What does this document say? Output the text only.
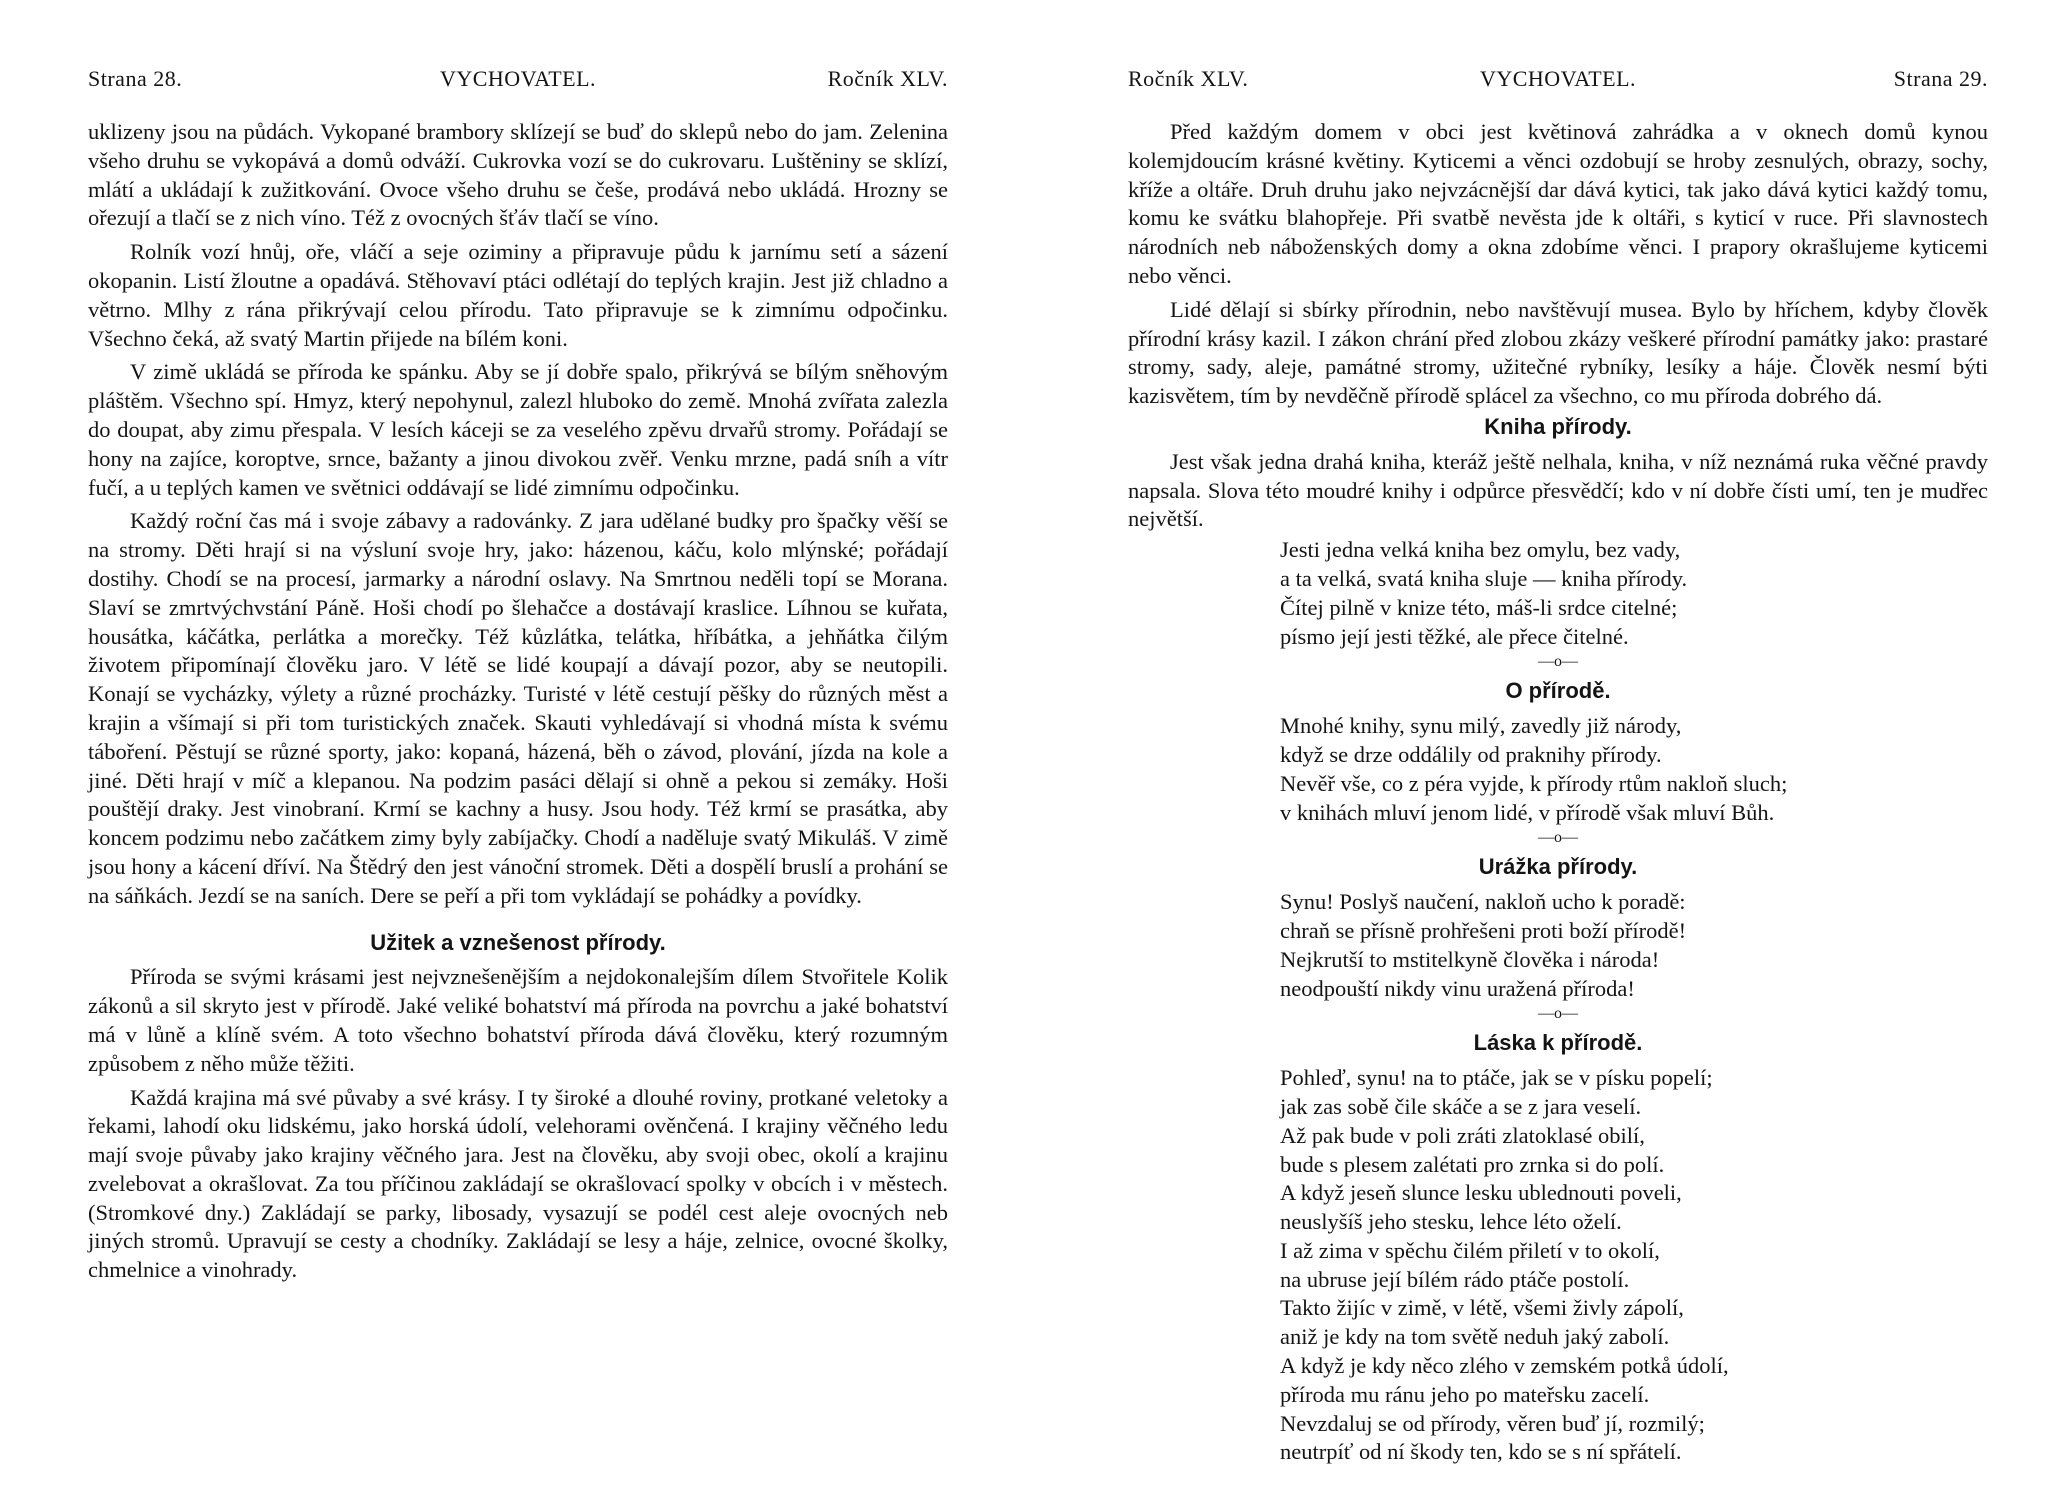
Strana 28.	VYCHOVATEL.	Ročník XLV.

uklizeny jsou na půdách. Vykopané brambory sklízejí se buď do sklepů nebo do jam. Zelenina všeho druhu se vykopává a domů odváží. Cukrovka vozí se do cukrovaru. Luštěniny se sklízí, mlátí a ukládají k zužitkování. Ovoce všeho druhu se češe, prodává nebo ukládá. Hrozny se ořezují a tlačí se z nich víno. Též z ovocných šťáv tlačí se víno.

Rolník vozí hnůj, oře, vláčí a seje oziminy a připravuje půdu k jarnímu setí a sázení okopanin. Listí žloutne a opadává. Stěhovaví ptáci odlétají do teplých krajin. Jest již chladno a větrno. Mlhy z rána přikrývají celou přírodu. Tato připravuje se k zimnímu odpočinku. Všechno čeká, až svatý Martin přijede na bílém koni.

V zimě ukládá se příroda ke spánku. Aby se jí dobře spalo, přikrývá se bílým sněhovým pláštěm. Všechno spí. Hmyz, který nepohynul, zalezl hluboko do země. Mnohá zvířata zalezla do doupat, aby zimu přespala. V lesích káceji se za veselého zpěvu drvařů stromy. Pořádají se hony na zajíce, koroptve, srnce, bažanty a jinou divokou zvěř. Venku mrzne, padá sníh a vítr fučí, a u teplých kamen ve světnici oddávají se lidé zimnímu odpočinku.

Každý roční čas má i svoje zábavy a radovánky. Z jara udělané budky pro špačky věší se na stromy. Děti hrají si na výsluní svoje hry, jako: házenou, káču, kolo mlýnské; pořádají dostihy. Chodí se na procesí, jarmarky a národní oslavy. Na Smrtnou neděli topí se Morana. Slaví se zmrtvýchvstání Páně. Hoši chodí po šlehačce a dostávají kraslice. Líhnou se kuřata, housátka, káčátka, perlátka a morečky. Též kůzlátka, telátka, hříbátka, a jehňátka čilým životem připomínají člověku jaro. V létě se lidé koupají a dávají pozor, aby se neutopili. Konají se vycházky, výlety a různé procházky. Turisté v létě cestují pěšky do různých měst a krajin a všímají si při tom turistických značek. Skauti vyhledávají si vhodná místa k svému táboření. Pěstují se různé sporty, jako: kopaná, házená, běh o závod, plování, jízda na kole a jiné. Děti hrají v míč a klepanou. Na podzim pasáci dělají si ohně a pekou si zemáky. Hoši pouštějí draky. Jest vinobraní. Krmí se kachny a husy. Jsou hody. Též krmí se prasátka, aby koncem podzimu nebo začátkem zimy byly zabíjačky. Chodí a naděluje svatý Mikuláš. V zimě jsou hony a kácení dříví. Na Štědrý den jest vánoční stromek. Děti a dospělí bruslí a prohání se na sáňkách. Jezdí se na saních. Dere se peří a při tom vykládají se pohádky a povídky.

Užitek a vznešenost přírody.

Příroda se svými krásami jest nejvznešenějším a nejdokonalejším dílem Stvořitele Kolik zákonů a sil skryto jest v přírodě. Jaké veliké bohatství má příroda na povrchu a jaké bohatství má v lůně a klíně svém. A toto všechno bohatství příroda dává člověku, který rozumným způsobem z něho může těžiti.

Každá krajina má své půvaby a své krásy. I ty široké a dlouhé roviny, protkané veletoky a řekami, lahodí oku lidskému, jako horská údolí, velehorami ověnčená. I krajiny věčného ledu mají svoje půvaby jako krajiny věčného jara. Jest na člověku, aby svoji obec, okolí a krajinu zvelebovat a okrašlovat. Za tou příčinou zakládají se okrašlovací spolky v obcích i v městech. (Stromkové dny.) Zakládají se parky, libosady, vysazují se podél cest aleje ovocných neb jiných stromů. Upravují se cesty a chodníky. Zakládají se lesy a háje, zelnice, ovocné školky, chmelnice a vinohrady.

Ročník XLV.	VYCHOVATEL.	Strana 29.

Před každým domem v obci jest květinová zahrádka a v oknech domů kynou kolemjdoucím krásné květiny. Kyticemi a věnci ozdobují se hroby zesnulých, obrazy, sochy, kříže a oltáře. Druh druhu jako nejvzácnější dar dává kytici, tak jako dává kytici každý tomu, komu ke svátku blahopřeje. Při svatbě nevěsta jde k oltáři, s kyticí v ruce. Při slavnostech národních neb náboženských domy a okna zdobíme věnci. I prapory okrašlujeme kyticemi nebo věnci.

Lidé dělají si sbírky přírodnin, nebo navštěvují musea. Bylo by hříchem, kdyby člověk přírodní krásy kazil. I zákon chrání před zlobou zkázy veškeré přírodní památky jako: prastaré stromy, sady, aleje, památné stromy, užitečné rybníky, lesíky a háje. Člověk nesmí býti kazisvětem, tím by nevděčně přírodě splácel za všechno, co mu příroda dobrého dá.

Kniha přírody.

Jest však jedna drahá kniha, kteráž ještě nelhala, kniha, v níž neznámá ruka věčné pravdy napsala. Slova této moudré knihy i odpůrce přesvědčí; kdo v ní dobře čísti umí, ten je mudřec největší.

Jesti jedna velká kniha bez omylu, bez vady,
a ta velká, svatá kniha sluje — kniha přírody.
Čítej pilně v knize této, máš-li srdce citelné;
písmo její jesti těžké, ale přece čitelné.
—o—
O přírodě.
Mnohé knihy, synu milý, zavedly již národy,
když se drze oddálily od praknihy přírody.
Nevěř vše, co z péra vyjde, k přírody rtům nakloň sluch;
v knihách mluví jenom lidé, v přírodě však mluví Bůh.
—o—
Urážka přírody.
Synu! Poslyš naučení, nakloň ucho k poradě:
chraň se přísně prohřešeni proti boží přírodě!
Nejkrutší to mstitelkyně člověka i národa!
neodpouští nikdy vinu uražená příroda!
—o—
Láska k přírodě.
Pohleď, synu! na to ptáče, jak se v písku popelí;
jak zas sobě čile skáče a se z jara veselí.
Až pak bude v poli zráti zlatoklasé obilí,
bude s plesem zalétati pro zrnka si do polí.
A když jeseň slunce lesku ublednouti poveli,
neuslyšíš jeho stesku, lehce léto oželí.
I až zima v spěchu čilém přiletí v to okolí,
na ubruse její bílém rádo ptáče postolí.
Takto žijíc v zimě, v létě, všemi živly zápolí,
aniž je kdy na tom světě neduh jaký zabolí.
A když je kdy něco zlého v zemském potkå údolí,
příroda mu ránu jeho po mateřsku zacelí.
Nevzdaluj se od přírody, věren buď jí, rozmilý;
neutrpíť od ní škody ten, kdo se s ní spřátelí.
